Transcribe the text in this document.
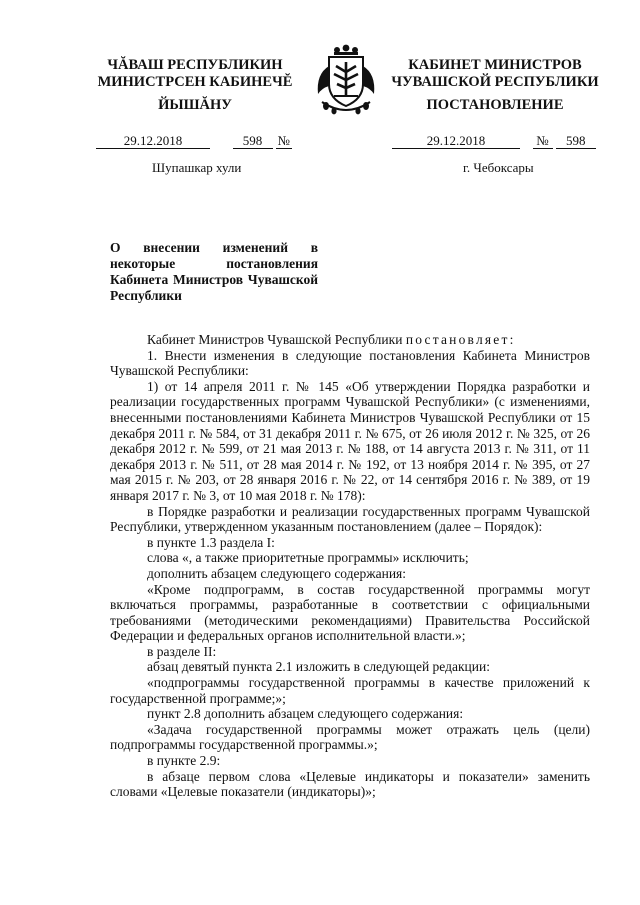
ЧĂВАШ РЕСПУБЛИКИН
МИНИСТРСЕН КАБИНЕЧĔ
ЙЫШĂНУ
КАБИНЕТ МИНИСТРОВ
ЧУВАШСКОЙ РЕСПУБЛИКИ
ПОСТАНОВЛЕНИЕ
29.12.2018	598 №	29.12.2018	№ 598
Шупашкар хули	г. Чебоксары
О внесении изменений в некоторые постановления Кабинета Министров Чувашской Республики

Кабинет Министров Чувашской Республики постановляет:

1. Внести изменения в следующие постановления Кабинета Министров Чувашской Республики:

1) от 14 апреля 2011 г. № 145 «Об утверждении Порядка разработки и реализации государственных программ Чувашской Республики» (с изменениями, внесенными постановлениями Кабинета Министров Чувашской Республики от 15 декабря 2011 г. № 584, от 31 декабря 2011 г. № 675, от 26 июля 2012 г. № 325, от 26 декабря 2012 г. № 599, от 21 мая 2013 г. № 188, от 14 августа 2013 г. № 311, от 11 декабря 2013 г. № 511, от 28 мая 2014 г. № 192, от 13 ноября 2014 г. № 395, от 27 мая 2015 г. № 203, от 28 января 2016 г. № 22, от 14 сентября 2016 г. № 389, от 19 января 2017 г. № 3, от 10 мая 2018 г. № 178):

в Порядке разработки и реализации государственных программ Чувашской Республики, утвержденном указанным постановлением (далее – Порядок):

в пункте 1.3 раздела I:

слова «, а также приоритетные программы» исключить;

дополнить абзацем следующего содержания:

«Кроме подпрограмм, в состав государственной программы могут включаться программы, разработанные в соответствии с официальными требованиями (методическими рекомендациями) Правительства Российской Федерации и федеральных органов исполнительной власти.»;

в разделе II:

абзац девятый пункта 2.1 изложить в следующей редакции:

«подпрограммы государственной программы в качестве приложений к государственной программе;»;

пункт 2.8 дополнить абзацем следующего содержания:

«Задача государственной программы может отражать цель (цели) подпрограммы государственной программы.»;

в пункте 2.9:

в абзаце первом слова «Целевые индикаторы и показатели» заменить словами «Целевые показатели (индикаторы)»;
